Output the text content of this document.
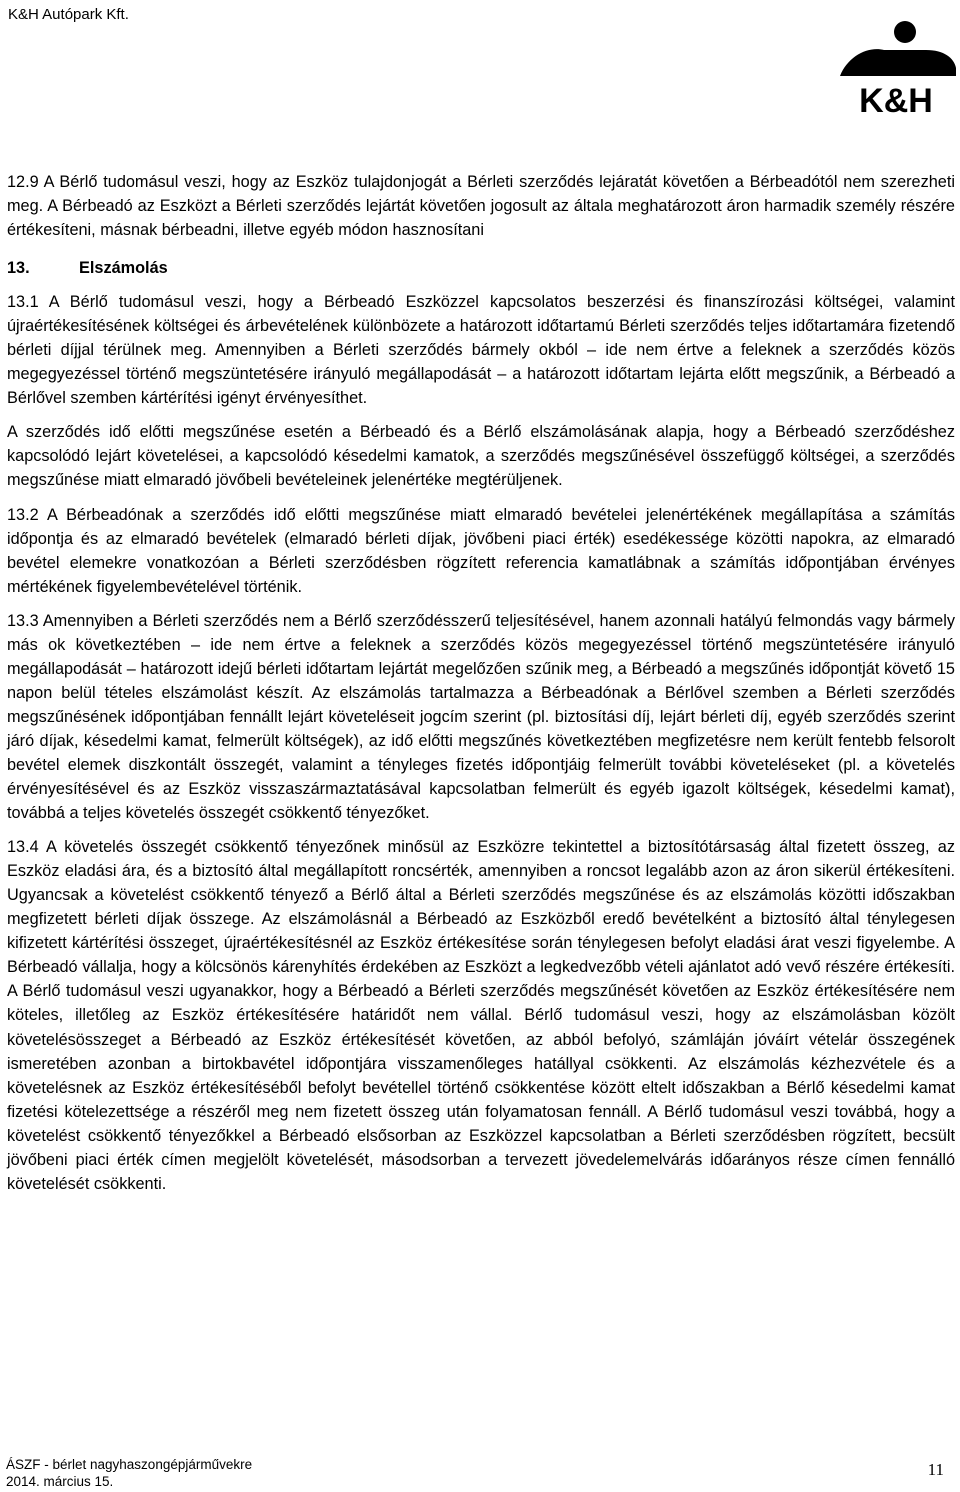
K&H Autópark Kft.
K&H

12.9 A Bérlő tudomásul veszi, hogy az Eszköz tulajdonjogát a Bérleti szerződés lejáratát követően a Bérbeadótól nem szerezheti meg. A Bérbeadó az Eszközt a Bérleti szerződés lejártát követően jogosult az általa meghatározott áron harmadik személy részére értékesíteni, másnak bérbeadni, illetve egyéb módon hasznosítani

13.	Elszámolás

13.1 A Bérlő tudomásul veszi, hogy a Bérbeadó Eszközzel kapcsolatos beszerzési és finanszírozási költségei, valamint újraértékesítésének költségei és árbevételének különbözete a határozott időtartamú Bérleti szerződés teljes időtartamára fizetendő bérleti díjjal térülnek meg. Amennyiben a Bérleti szerződés bármely okból – ide nem értve a feleknek a szerződés közös megegyezéssel történő megszüntetésére irányuló megállapodását – a határozott időtartam lejárta előtt megszűnik, a Bérbeadó a Bérlővel szemben kártérítési igényt érvényesíthet.

A szerződés idő előtti megszűnése esetén a Bérbeadó és a Bérlő elszámolásának alapja, hogy a Bérbeadó szerződéshez kapcsolódó lejárt követelései, a kapcsolódó késedelmi kamatok, a szerződés megszűnésével összefüggő költségei, a szerződés megszűnése miatt elmaradó jövőbeli bevételeinek jelenértéke megtérüljenek.

13.2 A Bérbeadónak a szerződés idő előtti megszűnése miatt elmaradó bevételei jelenértékének megállapítása a számítás időpontja és az elmaradó bevételek (elmaradó bérleti díjak, jövőbeni piaci érték) esedékessége közötti napokra, az elmaradó bevétel elemekre vonatkozóan a Bérleti szerződésben rögzített referencia kamatlábnak a számítás időpontjában érvényes mértékének figyelembevételével történik.

13.3 Amennyiben a Bérleti szerződés nem a Bérlő szerződésszerű teljesítésével, hanem azonnali hatályú felmondás vagy bármely más ok következtében – ide nem értve a feleknek a szerződés közös megegyezéssel történő megszüntetésére irányuló megállapodását – határozott idejű bérleti időtartam lejártát megelőzően szűnik meg, a Bérbeadó a megszűnés időpontját követő 15 napon belül tételes elszámolást készít. Az elszámolás tartalmazza a Bérbeadónak a Bérlővel szemben a Bérleti szerződés megszűnésének időpontjában fennállt lejárt követeléseit jogcím szerint (pl. biztosítási díj, lejárt bérleti díj, egyéb szerződés szerint járó díjak, késedelmi kamat, felmerült költségek), az idő előtti megszűnés következtében megfizetésre nem került fentebb felsorolt bevétel elemek diszkontált összegét, valamint a tényleges fizetés időpontjáig felmerült további követeléseket (pl. a követelés érvényesítésével és az Eszköz visszaszármaztatásával kapcsolatban felmerült és egyéb igazolt költségek, késedelmi kamat), továbbá a teljes követelés összegét csökkentő tényezőket.

13.4 A követelés összegét csökkentő tényezőnek minősül az Eszközre tekintettel a biztosítótársaság által fizetett összeg, az Eszköz eladási ára, és a biztosító által megállapított roncsérték, amennyiben a roncsot legalább azon az áron sikerül értékesíteni. Ugyancsak a követelést csökkentő tényező a Bérlő által a Bérleti szerződés megszűnése és az elszámolás közötti időszakban megfizetett bérleti díjak összege. Az elszámolásnál a Bérbeadó az Eszközből eredő bevételként a biztosító által ténylegesen kifizetett kártérítési összeget, újraértékesítésnél az Eszköz értékesítése során ténylegesen befolyt eladási árat veszi figyelembe. A Bérbeadó vállalja, hogy a kölcsönös kárenyhítés érdekében az Eszközt a legkedvezőbb vételi ajánlatot adó vevő részére értékesíti. A Bérlő tudomásul veszi ugyanakkor, hogy a Bérbeadó a Bérleti szerződés megszűnését követően az Eszköz értékesítésére nem köteles, illetőleg az Eszköz értékesítésére határidőt nem vállal. Bérlő tudomásul veszi, hogy az elszámolásban közölt követelésösszeget a Bérbeadó az Eszköz értékesítését követően, az abból befolyó, számláján jóváírt vételár összegének ismeretében azonban a birtokbavétel időpontjára visszamenőleges hatállyal csökkenti. Az elszámolás kézhezvétele és a követelésnek az Eszköz értékesítéséből befolyt bevétellel történő csökkentése között eltelt időszakban a Bérlő késedelmi kamat fizetési kötelezettsége a részéről meg nem fizetett összeg után folyamatosan fennáll. A Bérlő tudomásul veszi továbbá, hogy a követelést csökkentő tényezőkkel a Bérbeadó elsősorban az Eszközzel kapcsolatban a Bérleti szerződésben rögzített, becsült jövőbeni piaci érték címen megjelölt követelését, másodsorban a tervezett jövedelemelvárás időarányos része címen fennálló követelését csökkenti.

ÁSZF - bérlet nagyhaszongépjárművekre
2014. március 15.
11
